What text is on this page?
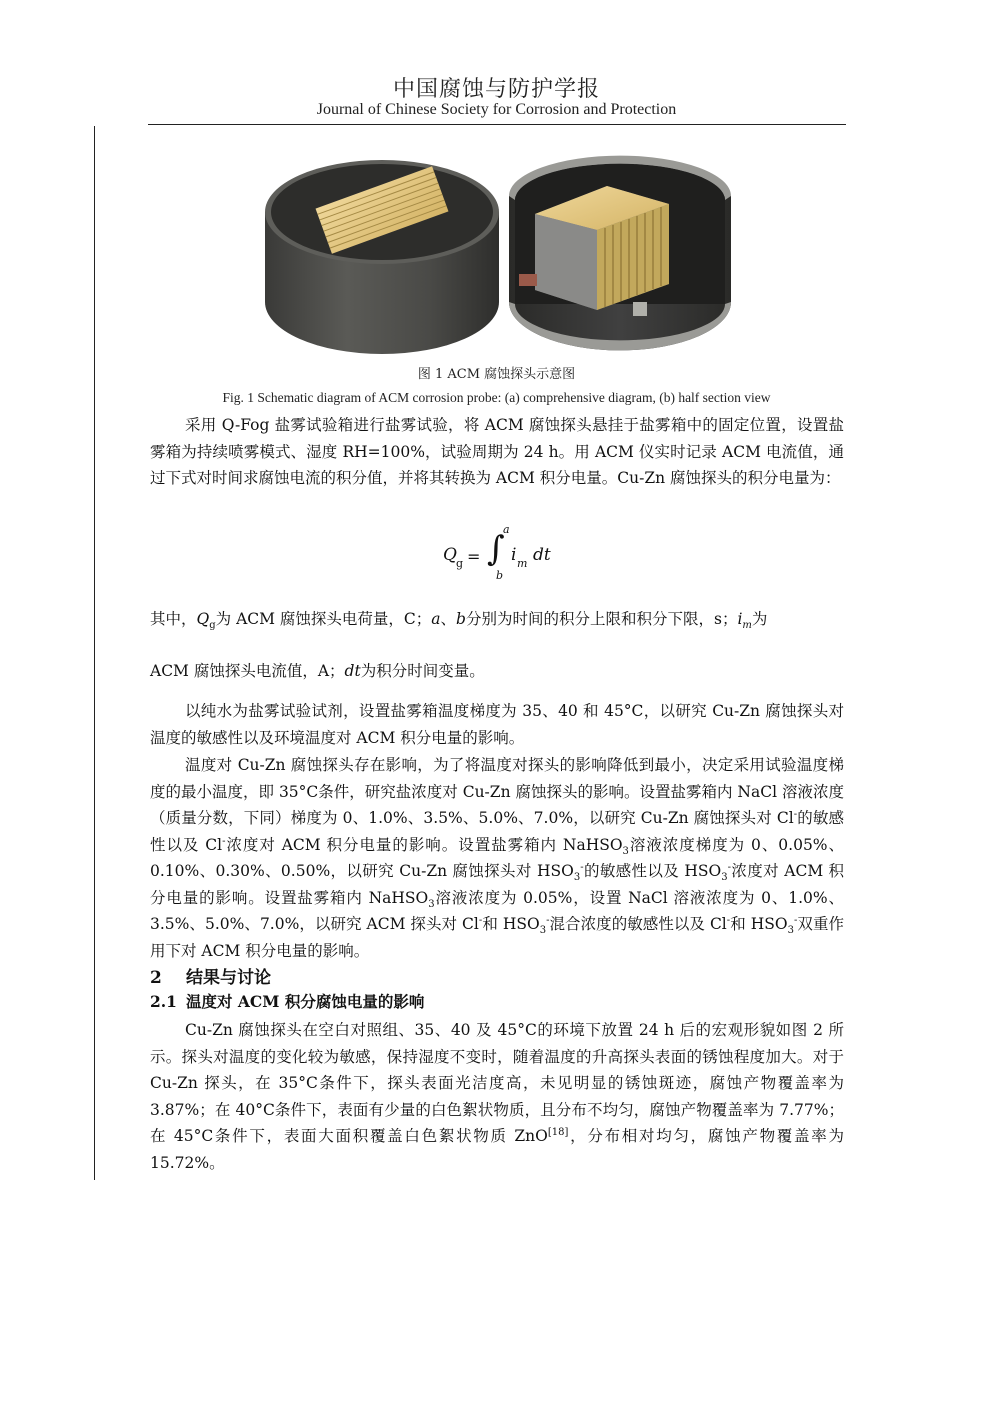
中国腐蚀与防护学报
Journal of Chinese Society for Corrosion and Protection
图 1 ACM 腐蚀探头示意图
Fig. 1 Schematic diagram of ACM corrosion probe: (a) comprehensive diagram, (b) half section view
采用 Q-Fog 盐雾试验箱进行盐雾试验，将 ACM 腐蚀探头悬挂于盐雾箱中的固定位置，设置盐雾箱为持续喷雾模式、湿度 RH=100%，试验周期为 24 h。用 ACM 仪实时记录 ACM 电流值，通过下式对时间求腐蚀电流的积分值，并将其转换为 ACM 积分电量。Cu-Zn 腐蚀探头的积分电量为：
Q g = ∫
a
b
i m dt
其中，$Q_g$为 ACM 腐蚀探头电荷量，C；a、b分别为时间的积分上限和积分下限，s；$i_m$为
ACM 腐蚀探头电流值，A；dt为积分时间变量。
以纯水为盐雾试验试剂，设置盐雾箱温度梯度为 35、40 和 45°C，以研究 Cu-Zn 腐蚀探头对温度的敏感性以及环境温度对 ACM 积分电量的影响。
温度对 Cu-Zn 腐蚀探头存在影响，为了将温度对探头的影响降低到最小，决定采用试验温度梯度的最小温度，即 35°C条件，研究盐浓度对 Cu-Zn 腐蚀探头的影响。设置盐雾箱内 NaCl 溶液浓度（质量分数，下同）梯度为 0、1.0%、3.5%、5.0%、7.0%，以研究 Cu-Zn 腐蚀探头对 Cl-的敏感性以及 Cl-浓度对 ACM 积分电量的影响。设置盐雾箱内 NaHSO$_3$溶液浓度梯度为 0、0.05%、0.10%、0.30%、0.50%，以研究 Cu-Zn 腐蚀探头对 $HSO_3^-$的敏感性以及 $HSO_3^-$浓度对 ACM 积分电量的影响。设置盐雾箱内 NaHSO$_3$溶液浓度为 0.05%，设置 NaCl 溶液浓度为 0、1.0%、3.5%、5.0%、7.0%，以研究 ACM 探头对 Cl-和 $HSO_3^-$混合浓度的敏感性以及 Cl-和 $HSO_3^-$双重作用下对 ACM 积分电量的影响。
2 结果与讨论
2.1 温度对 ACM 积分腐蚀电量的影响
Cu-Zn 腐蚀探头在空白对照组、35、40 及 45°C的环境下放置 24 h 后的宏观形貌如图 2 所示。探头对温度的变化较为敏感，保持湿度不变时，随着温度的升高探头表面的锈蚀程度加大。对于 Cu-Zn 探头，在 35°C条件下，探头表面光洁度高，未见明显的锈蚀斑迹，腐蚀产物覆盖率为 3.87%；在 40°C条件下，表面有少量的白色絮状物质，且分布不均匀，腐蚀产物覆盖率为 7.77%；在 45°C条件下，表面大面积覆盖白色絮状物质 ZnO[18]，分布相对均匀，腐蚀产物覆盖率为 15.72%。
